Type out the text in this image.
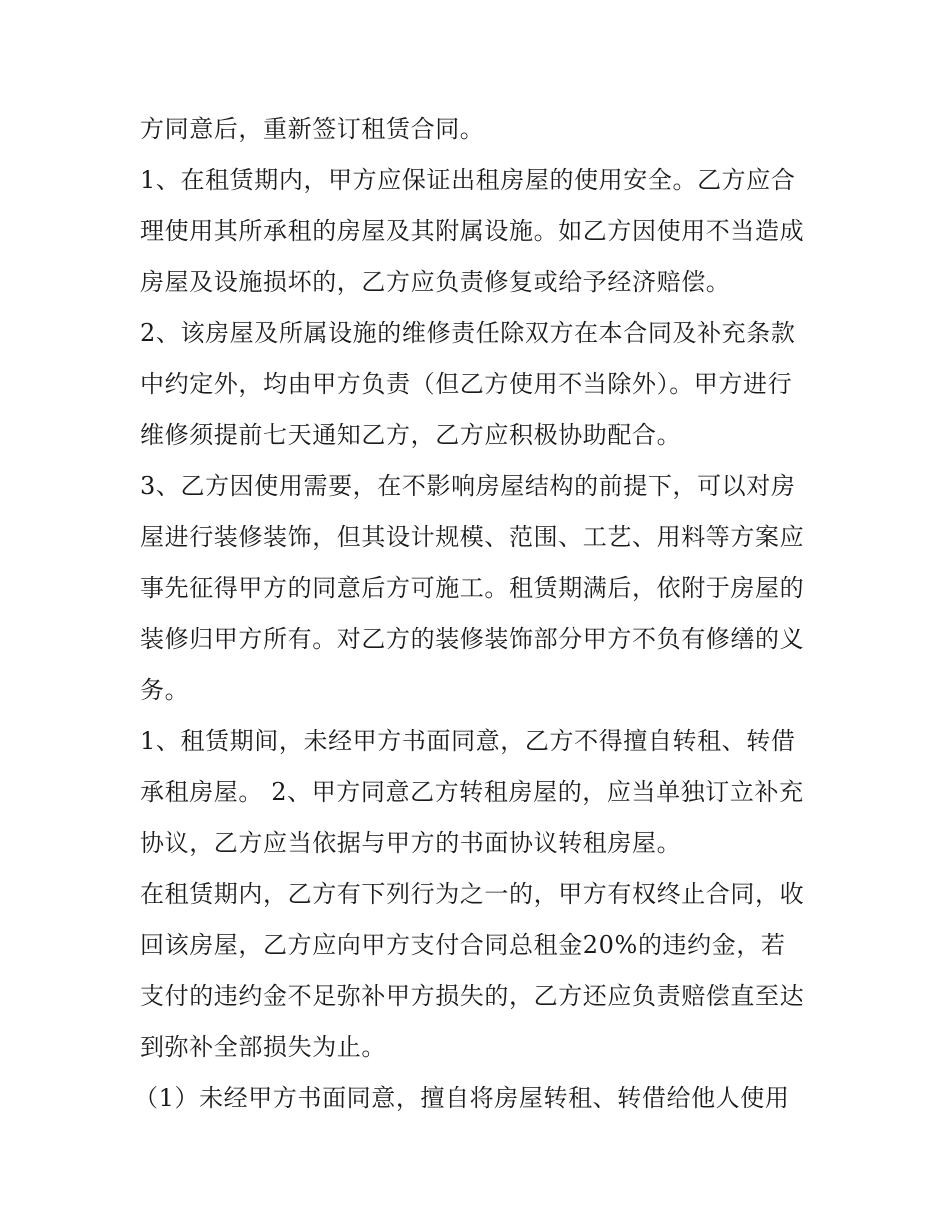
方同意后，重新签订租赁合同。
1、在租赁期内，甲方应保证出租房屋的使用安全。乙方应合
理使用其所承租的房屋及其附属设施。如乙方因使用不当造成
房屋及设施损坏的，乙方应负责修复或给予经济赔偿。
2、该房屋及所属设施的维修责任除双方在本合同及补充条款
中约定外，均由甲方负责（但乙方使用不当除外）。甲方进行
维修须提前七天通知乙方，乙方应积极协助配合。
3、乙方因使用需要，在不影响房屋结构的前提下，可以对房
屋进行装修装饰，但其设计规模、范围、工艺、用料等方案应
事先征得甲方的同意后方可施工。租赁期满后，依附于房屋的
装修归甲方所有。对乙方的装修装饰部分甲方不负有修缮的义
务。
1、租赁期间，未经甲方书面同意，乙方不得擅自转租、转借
承租房屋。 2、甲方同意乙方转租房屋的，应当单独订立补充
协议，乙方应当依据与甲方的书面协议转租房屋。
在租赁期内，乙方有下列行为之一的，甲方有权终止合同，收
回该房屋，乙方应向甲方支付合同总租金20%的违约金，若
支付的违约金不足弥补甲方损失的，乙方还应负责赔偿直至达
到弥补全部损失为止。
（1）未经甲方书面同意，擅自将房屋转租、转借给他人使用
